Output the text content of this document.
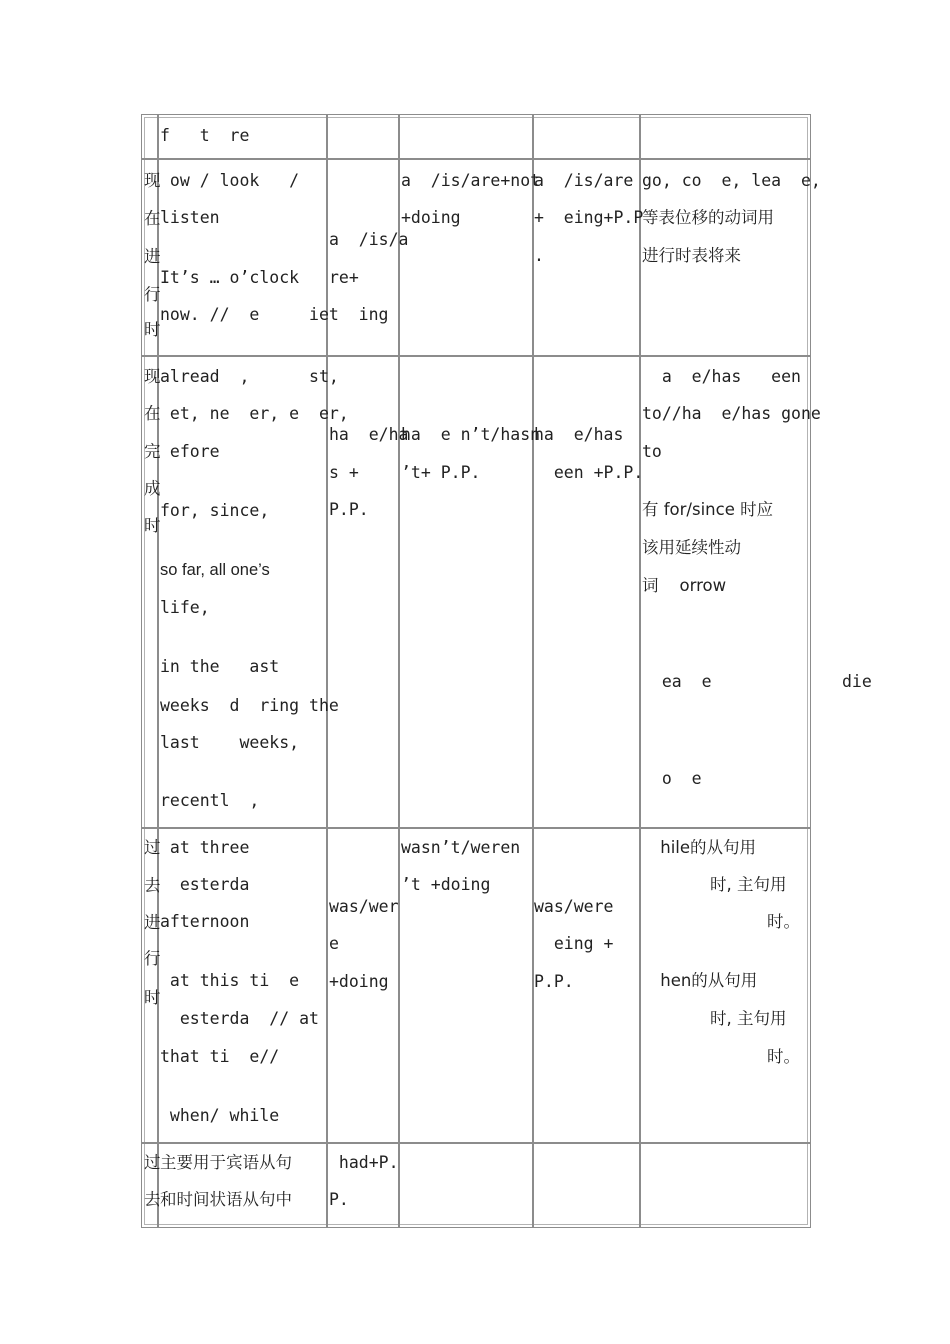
f   t  re
现
在
进
行
时
ow / look   /
listen
It’s … o’clock
now. //  e     iet  ing
a  /is/a
re+
a  /is/are+not
+doing
a  /is/are
+  eing+P.P
.
go, co  e, lea  e,
等表位移的动词用
进行时表将来
现
在
完
成
时
alread  ,      st,
et, ne  er, e  er,
efore
for, since,
so far, all one’s
life,
in the   ast
weeks  d  ring the
last    weeks,
recentl  ,
ha  e/ha
s +
P.P.
ha  e n’t/hasn
’t+ P.P.
ha  e/has
een +P.P.
a  e/has   een
to//ha  e/has gone
to
有 for/since 时应
该用延续性动
词    orrow
ea  e	die
o  e
过
去
进
行
时
at three
esterda
afternoon
at this ti  e
esterda  // at
that ti  e//
when/ while
was/wer
e
+doing
wasn’t/weren
’t +doing
was/were
eing +
P.P.
hile的从句用
时, 主句用
时。
hen的从句用
时, 主句用
时。
过
去
主要用于宾语从句
和时间状语从句中
had+P.
P.
